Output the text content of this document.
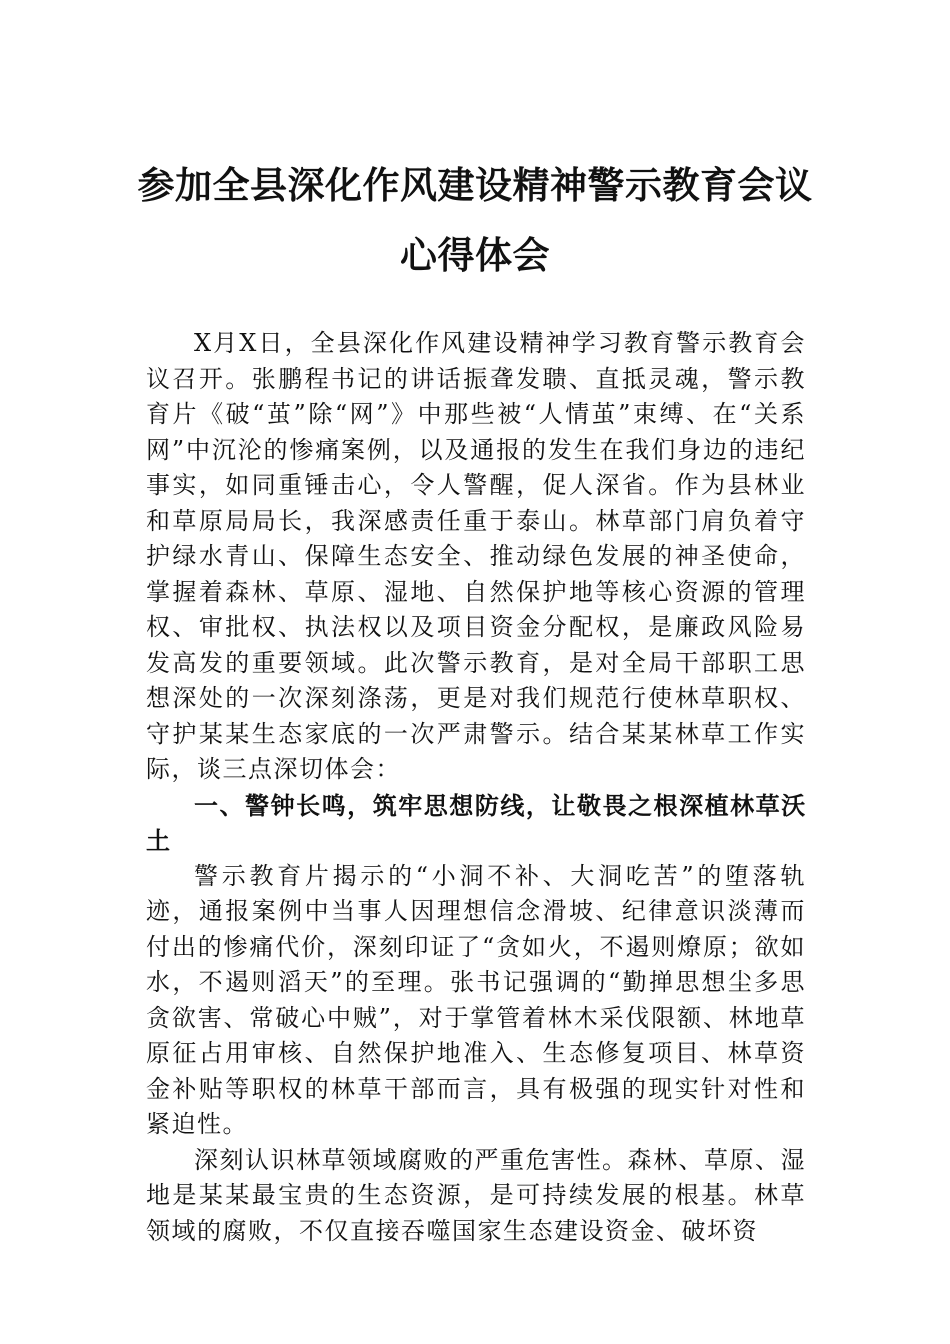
参加全县深化作风建设精神警示教育会议
心得体会

X月X日，全县深化作风建设精神学习教育警示教育会议召开。张鹏程书记的讲话振聋发聩、直抵灵魂，警示教育片《破“茧”除“网”》中那些被“人情茧”束缚、在“关系网”中沉沦的惨痛案例，以及通报的发生在我们身边的违纪事实，如同重锤击心，令人警醒，促人深省。作为县林业和草原局局长，我深感责任重于泰山。林草部门肩负着守护绿水青山、保障生态安全、推动绿色发展的神圣使命，掌握着森林、草原、湿地、自然保护地等核心资源的管理权、审批权、执法权以及项目资金分配权，是廉政风险易发高发的重要领域。此次警示教育，是对全局干部职工思想深处的一次深刻涤荡，更是对我们规范行使林草职权、守护某某生态家底的一次严肃警示。结合某某林草工作实际，谈三点深切体会：

一、警钟长鸣，筑牢思想防线，让敬畏之根深植林草沃土

警示教育片揭示的“小洞不补、大洞吃苦”的堕落轨迹，通报案例中当事人因理想信念滑坡、纪律意识淡薄而付出的惨痛代价，深刻印证了“贪如火，不遏则燎原；欲如水，不遏则滔天”的至理。张书记强调的“勤掸思想尘多思贪欲害、常破心中贼”，对于掌管着林木采伐限额、林地草原征占用审核、自然保护地准入、生态修复项目、林草资金补贴等职权的林草干部而言，具有极强的现实针对性和紧迫性。

深刻认识林草领域腐败的严重危害性。森林、草原、湿地是某某最宝贵的生态资源，是可持续发展的根基。林草领域的腐败，不仅直接吞噬国家生态建设资金、破坏资
